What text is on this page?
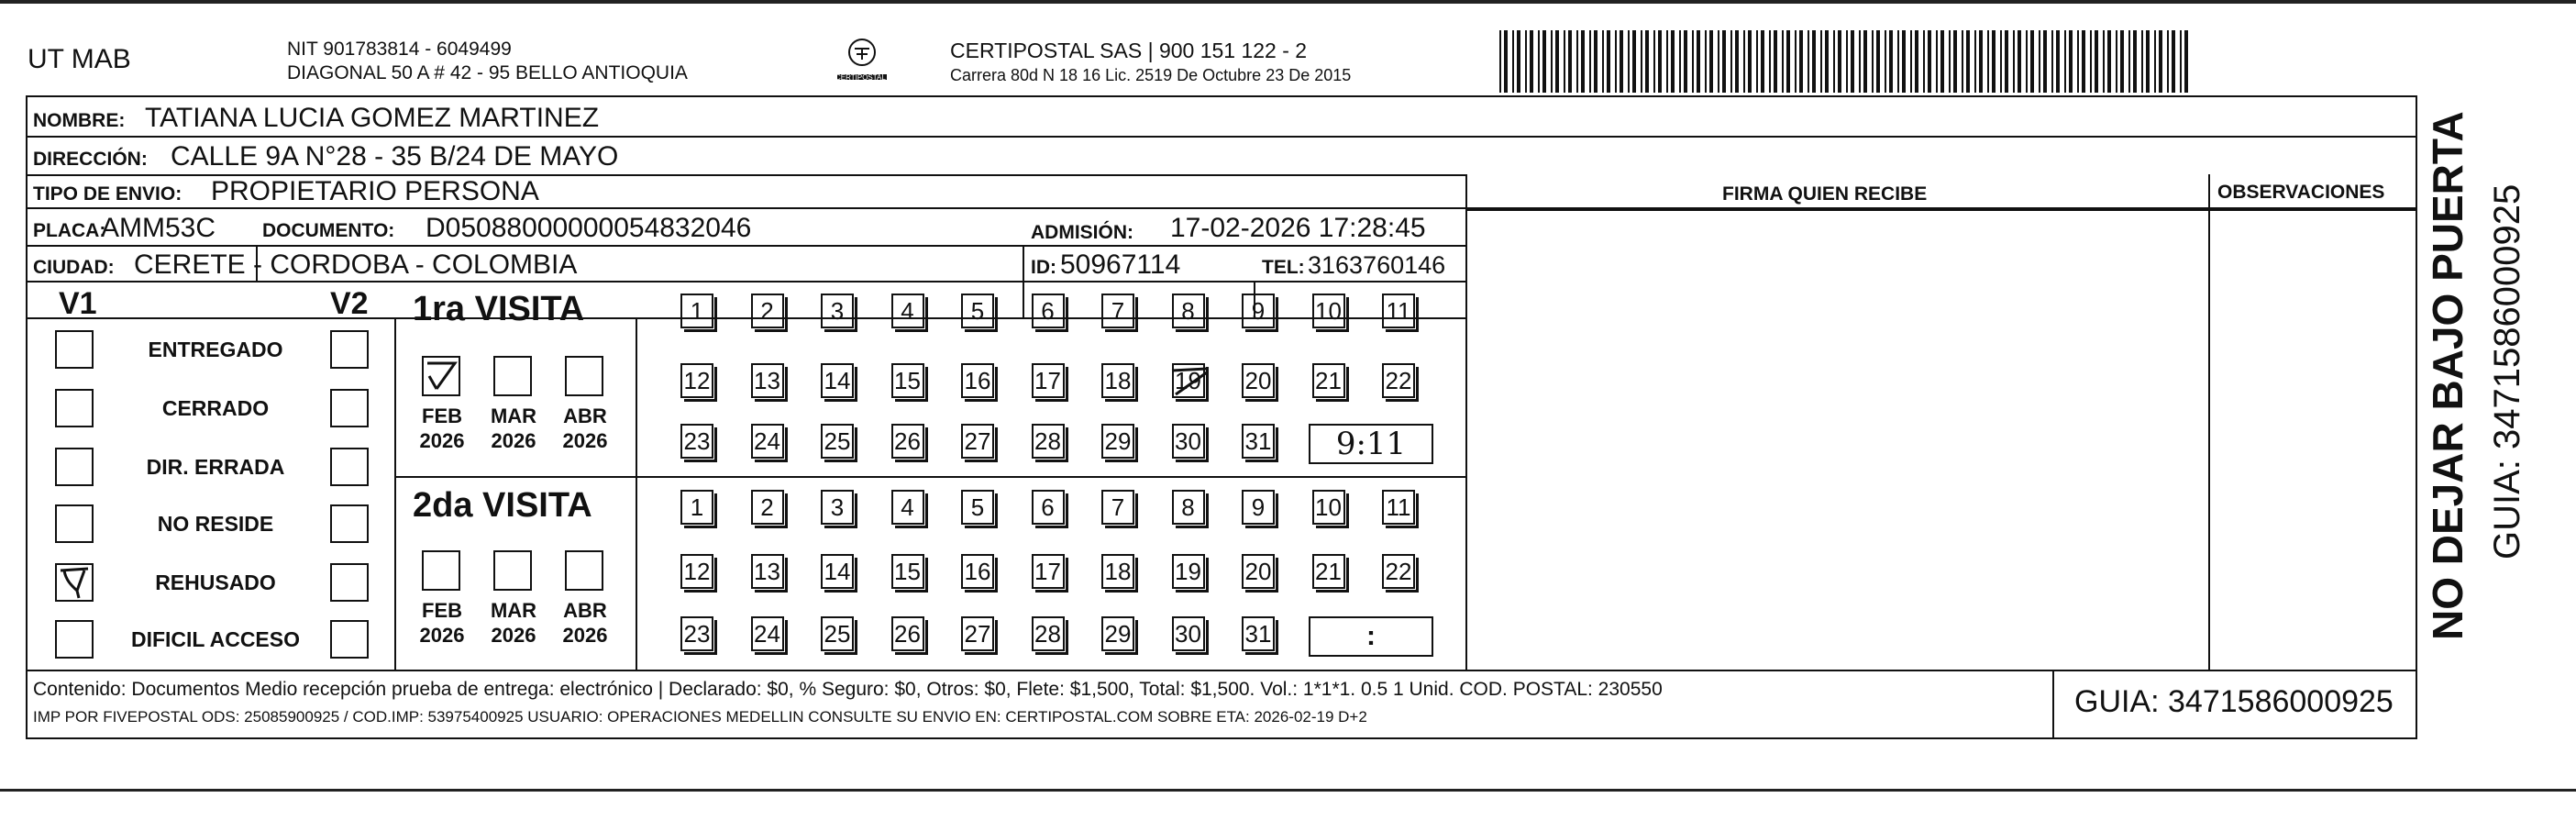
UT MAB	NIT 901783814 - 6049499
DIAGONAL 50 A # 42 - 95 BELLO ANTIOQUIA	CERTIPOSTAL
CERTIPOSTAL SAS | 900 151 122 - 2
Carrera 80d N 18 16 Lic. 2519 De Octubre 23 De 2015
NOMBRE: TATIANA LUCIA GOMEZ MARTINEZ
DIRECCIÓN: CALLE 9A N°28 - 35 B/24 DE MAYO
TIPO DE ENVIO: PROPIETARIO PERSONA	FIRMA QUIEN RECIBE	OBSERVACIONES
PLACA:
AMM53C DOCUMENTO: D05088000000054832046	ADMISIÓN: 17-02-2026 17:28:45
CIUDAD: CERETE - CORDOBA - COLOMBIA	ID: 50967114	TEL: 3163760146
V1	V2
ENTREGADO
CERRADO
DIR. ERRADA
NO RESIDE
REHUSADO
DIFICIL ACCESO
1ra VISITA
2da VISITA
FEB
2026
MAR
2026
ABR
2026
FEB
2026
MAR
2026
ABR
2026
1	2	3	4	5	6	7	8	9	10 11
12 13 14 15 16 17 18 19 20 21 22
23 24 25 26 27 28 29 30 31
1	2	3	4	5	6	7	8	9	10 11
12 13 14 15 16 17 18 19 20 21 22
23 24 25 26 27 28 29 30 31
9:11
:
Contenido: Documentos Medio recepción prueba de entrega: electrónico | Declarado: $0, % Seguro: $0, Otros: $0, Flete: $1,500, Total: $1,500. Vol.: 1*1*1. 0.5 1 Unid. COD. POSTAL: 230550
IMP POR FIVEPOSTAL ODS: 25085900925 / COD.IMP: 53975400925 USUARIO: OPERACIONES MEDELLIN CONSULTE SU ENVIO EN: CERTIPOSTAL.COM SOBRE ETA: 2026-02-19 D+2	GUIA: 3471586000925
NO DEJAR BAJO PUERTA GUIA: 3471586000925
